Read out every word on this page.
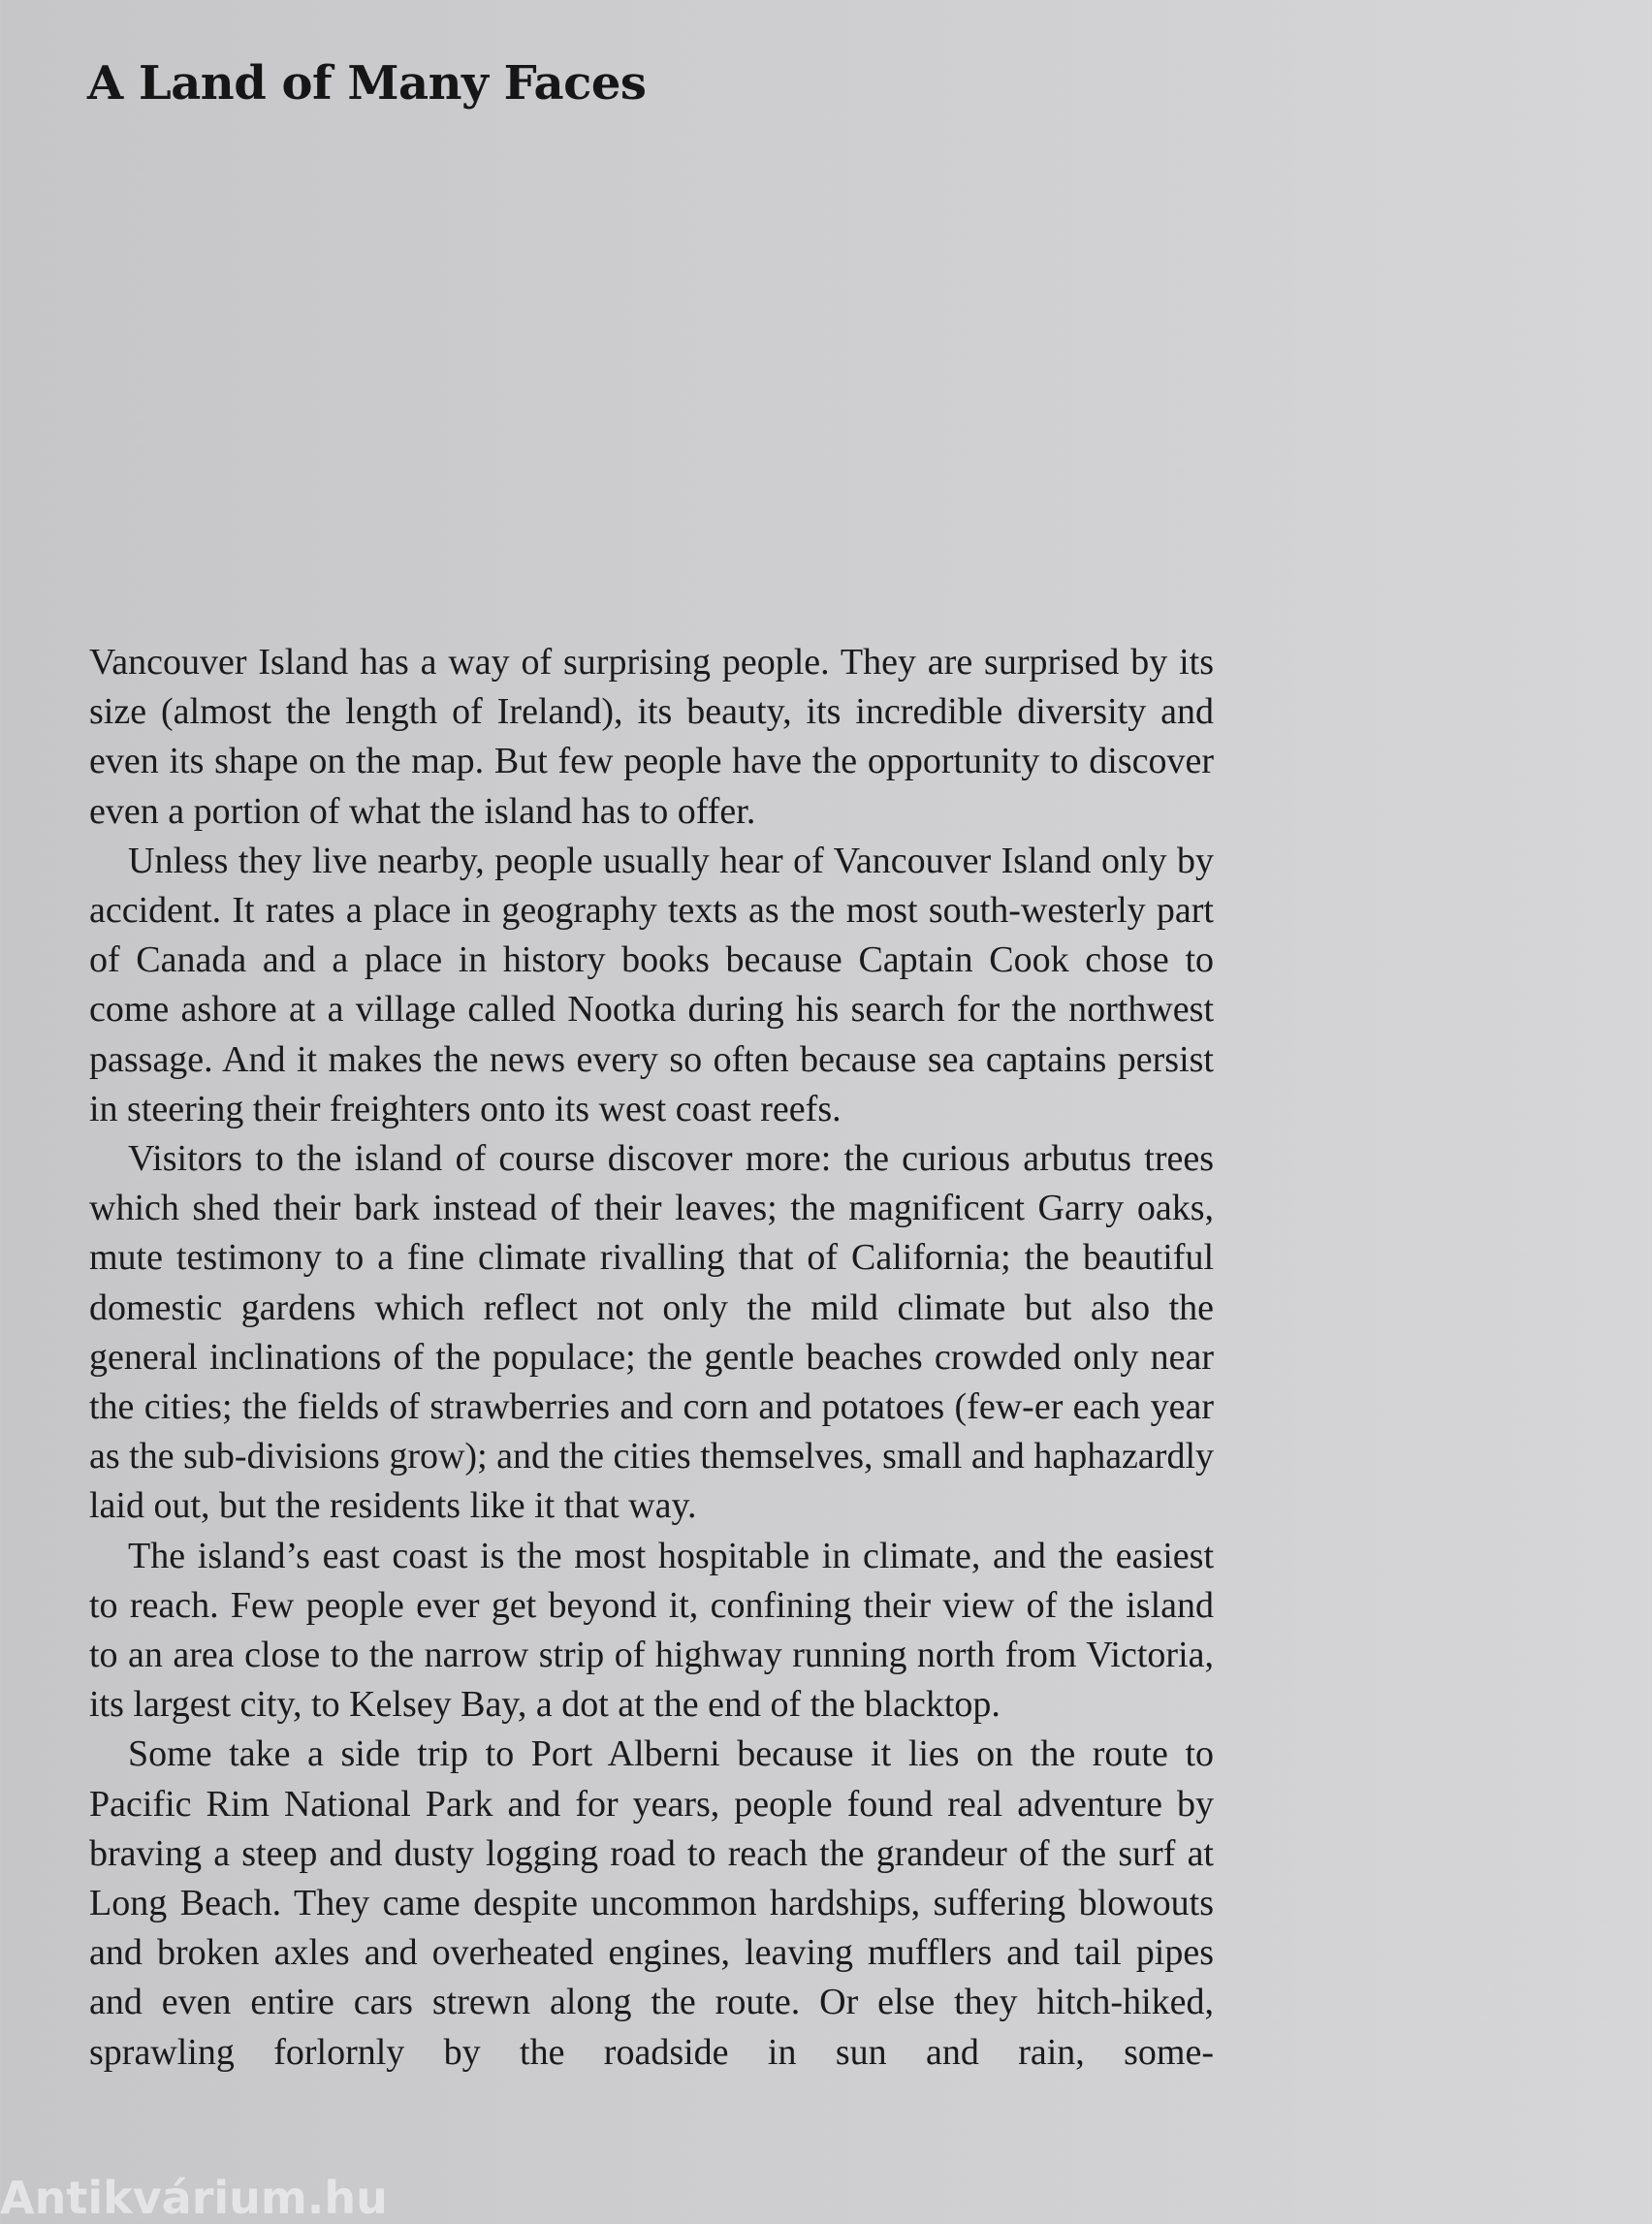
A Land of Many Faces

Vancouver Island has a way of surprising people. They are surprised by its size (almost the length of Ireland), its beauty, its incredible diversity and even its shape on the map. But few people have the opportunity to discover even a portion of what the island has to offer.

Unless they live nearby, people usually hear of Vancouver Island only by accident. It rates a place in geography texts as the most south-westerly part of Canada and a place in history books because Captain Cook chose to come ashore at a village called Nootka during his search for the northwest passage. And it makes the news every so often because sea captains persist in steering their freighters onto its west coast reefs.

Visitors to the island of course discover more: the curious arbutus trees which shed their bark instead of their leaves; the magnificent Garry oaks, mute testimony to a fine climate rivalling that of California; the beautiful domestic gardens which reflect not only the mild climate but also the general inclinations of the populace; the gentle beaches crowded only near the cities; the fields of strawberries and corn and potatoes (few-er each year as the sub-divisions grow); and the cities themselves, small and haphazardly laid out, but the residents like it that way.

The island’s east coast is the most hospitable in climate, and the easiest to reach. Few people ever get beyond it, confining their view of the island to an area close to the narrow strip of highway running north from Victoria, its largest city, to Kelsey Bay, a dot at the end of the blacktop.

Some take a side trip to Port Alberni because it lies on the route to Pacific Rim National Park and for years, people found real adventure by braving a steep and dusty logging road to reach the grandeur of the surf at Long Beach. They came despite uncommon hardships, suffering blowouts and broken axles and overheated engines, leaving mufflers and tail pipes and even entire cars strewn along the route. Or else they hitch-hiked, sprawling forlornly by the roadside in sun and rain, some-

Antikvárium.hu
